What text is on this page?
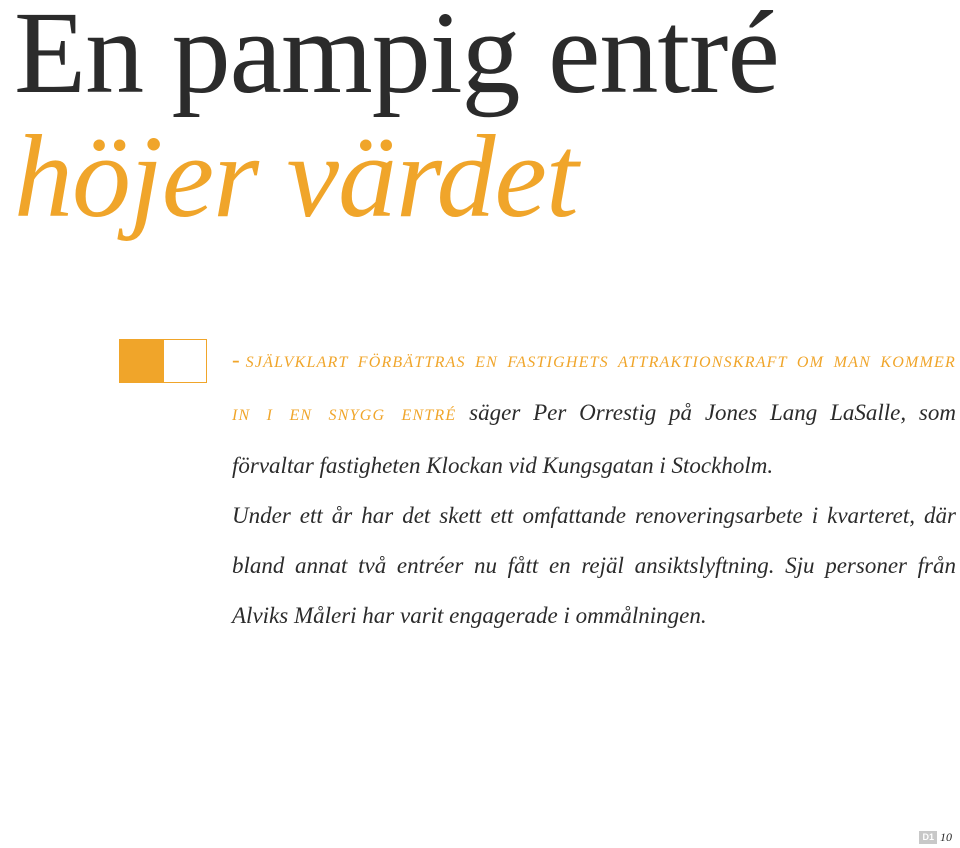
En pampig entré
höjer värdet

- SJÄLVKLART FÖRBÄTTRAS EN FASTIGHETS ATTRAKTIONSKRAFT OM MAN KOMMER IN I EN SNYGG ENTRÉ säger Per Orrestig på Jones Lang LaSalle, som förvaltar fastigheten Klockan vid Kungsgatan i Stockholm.

Under ett år har det skett ett omfattande renoveringsarbete i kvarteret, där bland annat två entréer nu fått en rejäl ansiktslyftning. Sju personer från Alviks Måleri har varit engagerade i ommålningen.

D1 10
